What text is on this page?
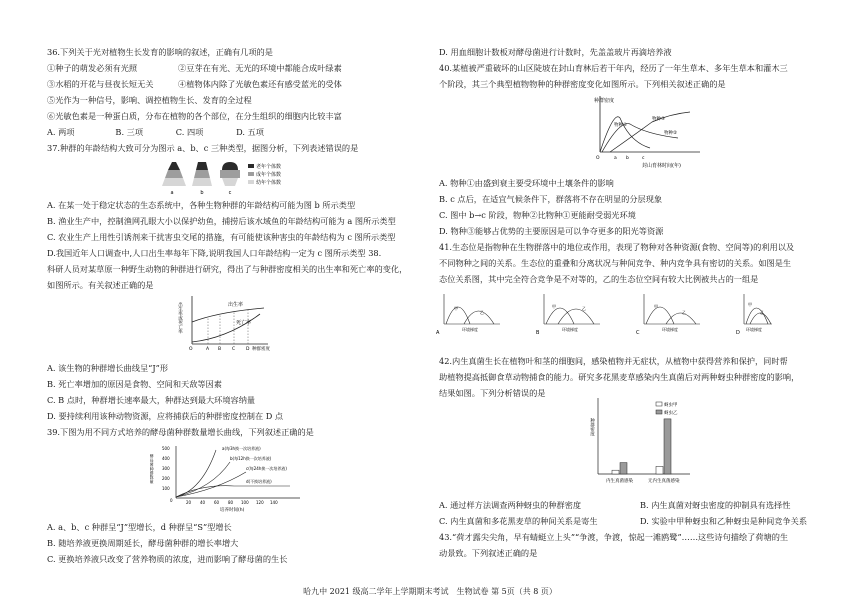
36.下列关于光对植物生长发育的影响的叙述，正确有几项的是
①种子的萌发必须有光照　　　　　②豆芽在有光、无光的环境中都能合成叶绿素
③水稻的开花与昼夜长短无关　　　④植物体内除了光敏色素还有感受蓝光的受体
⑤光作为一种信号，影响、调控植物生长、发育的全过程
⑥光敏色素是一种蛋白质，分布在植物的各个部位，在分生组织的细胞内比较丰富
A. 两项　　　　　B. 三项　　　　C. 四项　　　　D. 五项
37.种群的年龄结构大致可分为图示 a、b、c 三种类型，据图分析，下列表述错误的是
a	b	c
老年个体数
成年个体数
幼年个体数
A. 在某一处于稳定状态的生态系统中，各种生物种群的年龄结构可能为图 b 所示类型
B. 渔业生产中，控制渔网孔眼大小以保护幼鱼，捕捞后该水域鱼的年龄结构可能为 a 图所示类型
C. 农业生产上用性引诱剂来干扰害虫交尾的措施，有可能使该种害虫的年龄结构为 c 图所示类型
D.我国近年人口调查中,人口出生率每年下降,说明我国人口年龄结构一定为 c 图所示类型 38.
科研人员对某草原一种野生动物的种群进行研究，得出了与种群密度相关的出生率和死亡率的变化，
如图所示。有关叙述正确的是
出生率或死亡率	出生率
死亡率
O	A B C D 种群密度
A. 该生物的种群增长曲线呈“J”形
B. 死亡率增加的原因是食物、空间和天敌等因素
C. B 点时，种群增长速率最大，种群达到最大环境容纳量
D. 要持续利用该种动物资源，应将捕获后的种群密度控制在 D 点
39.下图为用不同方式培养的酵母菌种群数量增长曲线，下列叙述正确的是
酵母菌种群数量
500
400
300
200
100
0
a(每3h换一次培养液)
b(每12h换一次培养液)
c(每24h换一次培养液)
d(不换培养液)
20 40 60 80 100 120 140
培养时间(h)
A. a、b、c 种群呈“J”型增长，d 种群呈“S”型增长
B. 随培养液更换周期延长，酵母菌种群的增长率增大
C. 更换培养液只改变了营养物质的浓度，进而影响了酵母菌的生长
D. 用血细胞计数板对酵母菌进行计数时，先盖盖玻片再滴培养液
40.某植被严重破坏的山区陡坡在封山育林后若干年内，经历了一年生草本、多年生草本和灌木三
个阶段，其三个典型植物物种的种群密度变化如图所示。下列相关叙述正确的是
种群密度
物种①
物种③
物种②
O	a b	c
封山育林时间(年)
A. 物种①由盛到衰主要受环境中土壤条件的影响
B. c 点后，在适宜气候条件下，群落将不存在明显的分层现象
C. 图中 b→c 阶段，物种②比物种①更能耐受弱光环境
D. 物种③能够占优势的主要原因是可以争夺更多的阳光等资源
41.生态位是指物种在生物群落中的地位或作用，表现了物种对各种资源(食物、空间等)的利用以及
不同物种之间的关系。生态位的重叠和分离状况与种间竞争、种内竞争具有密切的关系。如图是生
态位关系图，其中完全符合竞争是不对等的，乙的生态位空间有较大比例被共占的一组是
甲
乙
A
环境梯度
甲	乙
B
环境梯度
甲
乙
C
环境梯度
甲
乙
D
环境梯度
42.内生真菌生长在植物叶和茎的细胞间，感染植物并无症状，从植物中获得营养和保护，同时帮
助植物提高抵御食草动物捕食的能力。研究多花黑麦草感染内生真菌后对两种蚜虫种群密度的影响，
结果如图。下列分析错误的是
种群密度
蚜虫甲
蚜虫乙
内生真菌感染	无内生真菌感染
A. 通过样方法调查两种蚜虫的种群密度	B. 内生真菌对蚜虫密度的抑制具有选择性
C. 内生真菌和多花黑麦草的种间关系是寄生	D. 实验中甲种蚜虫和乙种蚜虫是种间竞争关系
43.“荷才露尖尖角，早有蜻蜓立上头”“争渡，争渡，惊起一滩鸥鹭”……这些诗句描绘了荷塘的生
动景致。下列叙述正确的是
哈九中 2021 级高二学年上学期期末考试　生物试卷 第 5页（共 8 页）
